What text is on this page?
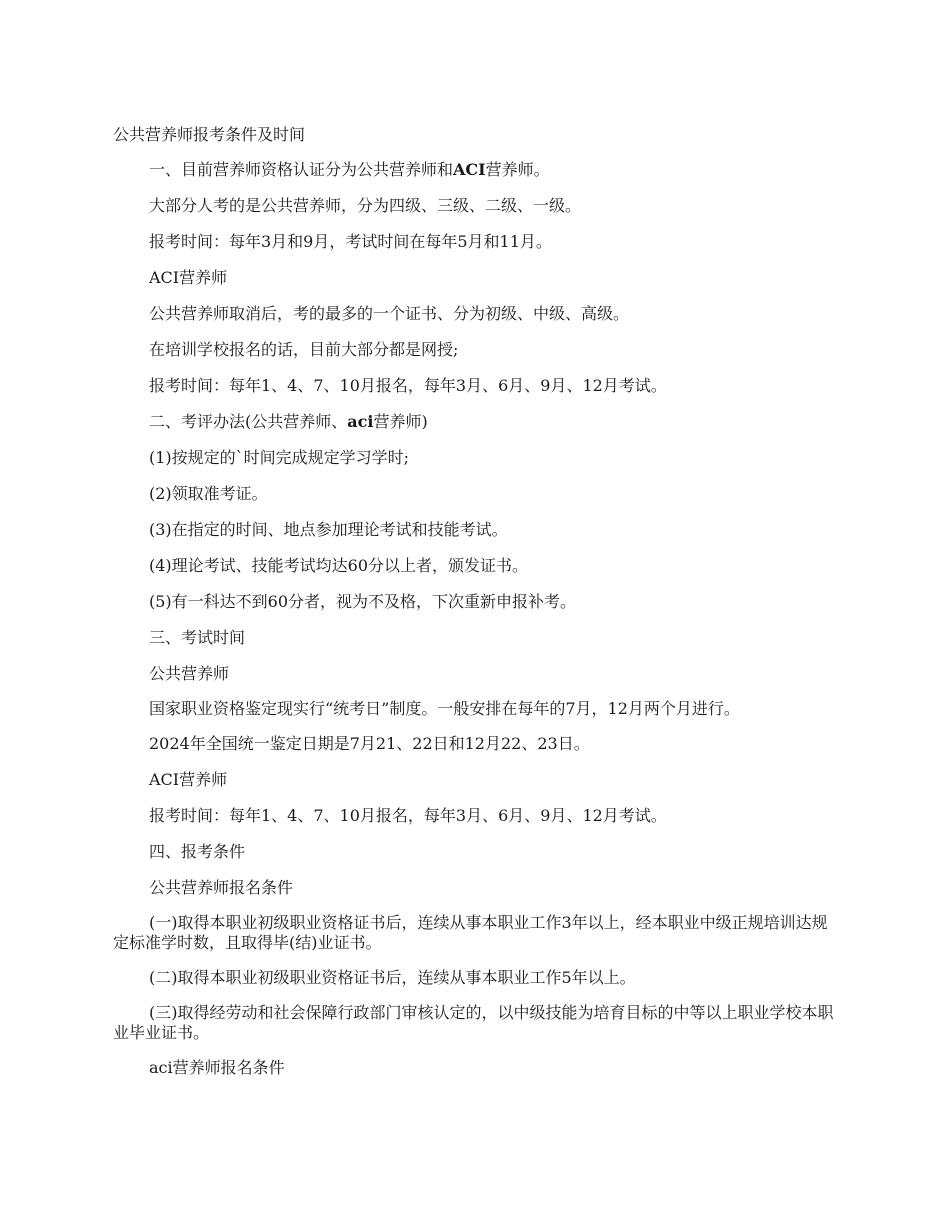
公共营养师报考条件及时间

一、目前营养师资格认证分为公共营养师和ACI营养师。

大部分人考的是公共营养师，分为四级、三级、二级、一级。

报考时间：每年3月和9月，考试时间在每年5月和11月。

ACI营养师

公共营养师取消后，考的最多的一个证书、分为初级、中级、高级。

在培训学校报名的话，目前大部分都是网授;

报考时间：每年1、4、7、10月报名，每年3月、6月、9月、12月考试。

二、考评办法(公共营养师、aci营养师)

(1)按规定的`时间完成规定学习学时;

(2)领取准考证。

(3)在指定的时间、地点参加理论考试和技能考试。

(4)理论考试、技能考试均达60分以上者，颁发证书。

(5)有一科达不到60分者，视为不及格，下次重新申报补考。

三、考试时间

公共营养师

国家职业资格鉴定现实行“统考日”制度。一般安排在每年的7月，12月两个月进行。

2024年全国统一鉴定日期是7月21、22日和12月22、23日。

ACI营养师

报考时间：每年1、4、7、10月报名，每年3月、6月、9月、12月考试。

四、报考条件

公共营养师报名条件

(一)取得本职业初级职业资格证书后，连续从事本职业工作3年以上，经本职业中级正规培训达规定标准学时数，且取得毕(结)业证书。

(二)取得本职业初级职业资格证书后，连续从事本职业工作5年以上。

(三)取得经劳动和社会保障行政部门审核认定的，以中级技能为培育目标的中等以上职业学校本职业毕业证书。

aci营养师报名条件
